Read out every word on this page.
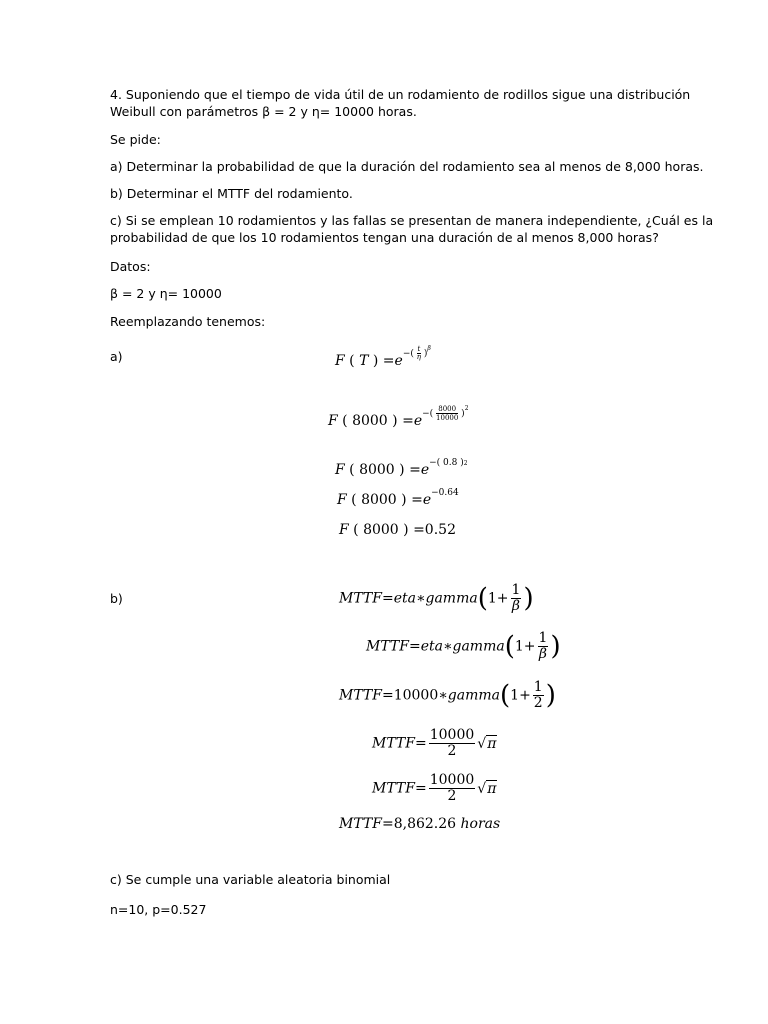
4. Suponiendo que el tiempo de vida útil de un rodamiento de rodillos sigue una distribución
Weibull con parámetros β = 2 y η= 10000 horas.
Se pide:
a) Determinar la probabilidad de que la duración del rodamiento sea al menos de 8,000 horas.
b) Determinar el MTTF del rodamiento.
c) Si se emplean 10 rodamientos y las fallas se presentan de manera independiente, ¿Cuál es la
probabilidad de que los 10 rodamientos tengan una duración de al menos 8,000 horas?
Datos:
β = 2 y η= 10000
Reemplazando tenemos:
a)	F ( T ) $=e^{-( \frac{t}{\eta} )^\beta}$
F ( 8000 ) $=e^{-( \frac{8000}{10000} )^2}$
F ( 8000 ) $=e^{-( 0.8 )2}$
F ( 8000 ) $=e^{-0.64}$
F ( 8000 ) =0.52
b)	MTTF=eta∗gamma(1+ $\frac{1}{\beta}$ )
MTTF=eta∗gamma(1+ $\frac{1}{\beta}$ )
MTTF=10000∗gamma(1+ $\frac{1}{2}$ )
MTTF= $\frac{10000}{2} √\pi$
MTTF= $\frac{10000}{2} √\pi$
MTTF=8,862.26 horas
c) Se cumple una variable aleatoria binomial
n=10, p=0.527
